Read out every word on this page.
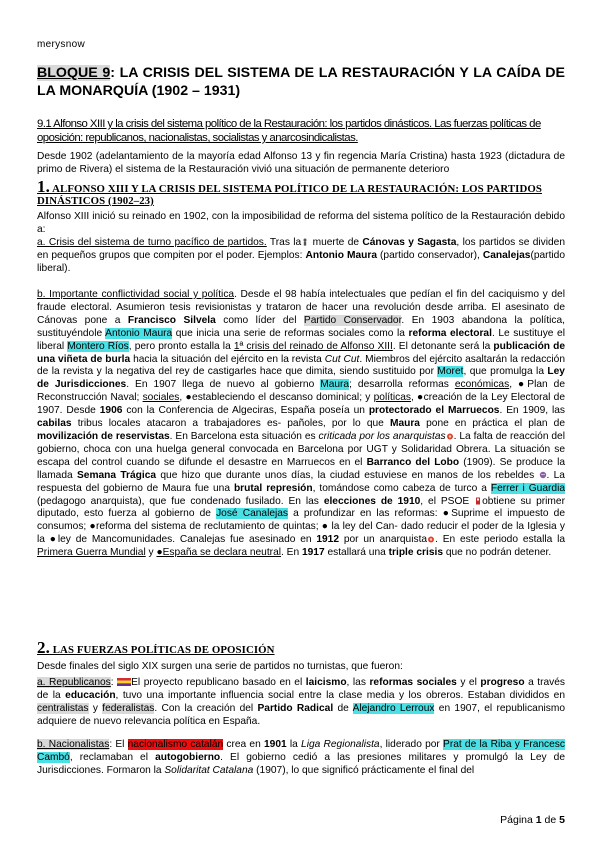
merysnow
BLOQUE 9: LA CRISIS DEL SISTEMA DE LA RESTAURACIÓN Y LA CAÍDA DE LA MONARQUÍA (1902 – 1931)
9.1 Alfonso XIII y la crisis del sistema político de la Restauración: los partidos dinásticos. Las fuerzas políticas de oposición: republicanos, nacionalistas, socialistas y anarcosindicalistas.
Desde 1902 (adelantamiento de la mayoría edad Alfonso 13 y fin regencia María Cristina) hasta 1923 (dictadura de primo de Rivera) el sistema de la Restauración vivió una situación de permanente deterioro
1. ALFONSO XIII Y LA CRISIS DEL SISTEMA POLÍTICO DE LA RESTAURACIÓN: LOS PARTIDOS DINÁSTICOS (1902–23)
Alfonso XIII inició su reinado en 1902, con la imposibilidad de reforma del sistema político de la Restauración debido a:
a. Crisis del sistema de turno pacífico de partidos. Tras la muerte de Cánovas y Sagasta, los partidos se dividen en pequeños grupos que compiten por el poder. Ejemplos: Antonio Maura (partido conservador), Canalejas(partido liberal).
b. Importante conflictividad social y política. Desde el 98 había intelectuales que pedían el fin del caciquismo y del fraude electoral. Asumieron tesis revisionistas y trataron de hacer una revolución desde arriba. El asesinato de Cánovas pone a Francisco Silvela como líder del Partido Conservador. En 1903 abandona la política, sustituyéndole Antonio Maura que inicia una serie de reformas sociales como la reforma electoral. Le sustituye el liberal Montero Ríos, pero pronto estalla la 1ª crisis del reinado de Alfonso XIII. El detonante será la publicación de una viñeta de burla hacia la situación del ejército en la revista Cut Cut. Miembros del ejército asaltarán la redacción de la revista y la negativa del rey de castigarles hace que dimita, siendo sustituido por Moret, que promulga la Ley de Jurisdicciones. En 1907 llega de nuevo al gobierno Maura; desarrolla reformas económicas, ●Plan de Reconstrucción Naval; sociales, ●estableciendo el descanso dominical; y políticas, ●creación de la Ley Electoral de 1907. Desde 1906 con la Conferencia de Algeciras, España poseía un protectorado el Marruecos. En 1909, las cabilas tribus locales atacaron a trabajadores es- pañoles, por lo que Maura pone en práctica el plan de movilización de reservistas. En Barcelona esta situación es criticada por los anarquistas . La falta de reacción del gobierno, choca con una huelga general convocada en Barcelona por UGT y Solidaridad Obrera. La situación se escapa del control cuando se difunde el desastre en Marruecos en el Barranco del Lobo (1909). Se produce la llamada Semana Trágica que hizo que durante unos días, la ciudad estuviese en manos de los rebeldes . La respuesta del gobierno de Maura fue una brutal represión, tomándose como cabeza de turco a Ferrer i Guardia (pedagogo anarquista), que fue condenado fusilado. En las elecciones de 1910, el PSOE obtiene su primer diputado, esto fuerza al gobierno de José Canalejas a profundizar en las reformas: ●Suprime el impuesto de consumos; ●reforma del sistema de reclutamiento de quintas; ● la ley del Can- dado reducir el poder de la Iglesia y la ●ley de Mancomunidades. Canalejas fue asesinado en 1912 por un anarquista . En este periodo estalla la Primera Guerra Mundial y ●España se declara neutral. En 1917 estallará una triple crisis que no podrán detener.
2. LAS FUERZAS POLÍTICAS DE OPOSICIÓN
Desde finales del siglo XIX surgen una serie de partidos no turnistas, que fueron:
a. Republicanos: El proyecto republicano basado en el laicismo, las reformas sociales y el progreso a través de la educación, tuvo una importante influencia social entre la clase media y los obreros. Estaban divididos en centralistas y federalistas. Con la creación del Partido Radical de Alejandro Lerroux en 1907, el republicanismo adquiere de nuevo relevancia política en España.
b. Nacionalistas: El nacionalismo catalán crea en 1901 la Liga Regionalista, liderado por Prat de la Riba y Francesc Cambó, reclamaban el autogobierno. El gobierno cedió a las presiones militares y promulgó la Ley de Jurisdicciones. Formaron la Solidaritat Catalana (1907), lo que significó prácticamente el final del
Página 1 de 5
